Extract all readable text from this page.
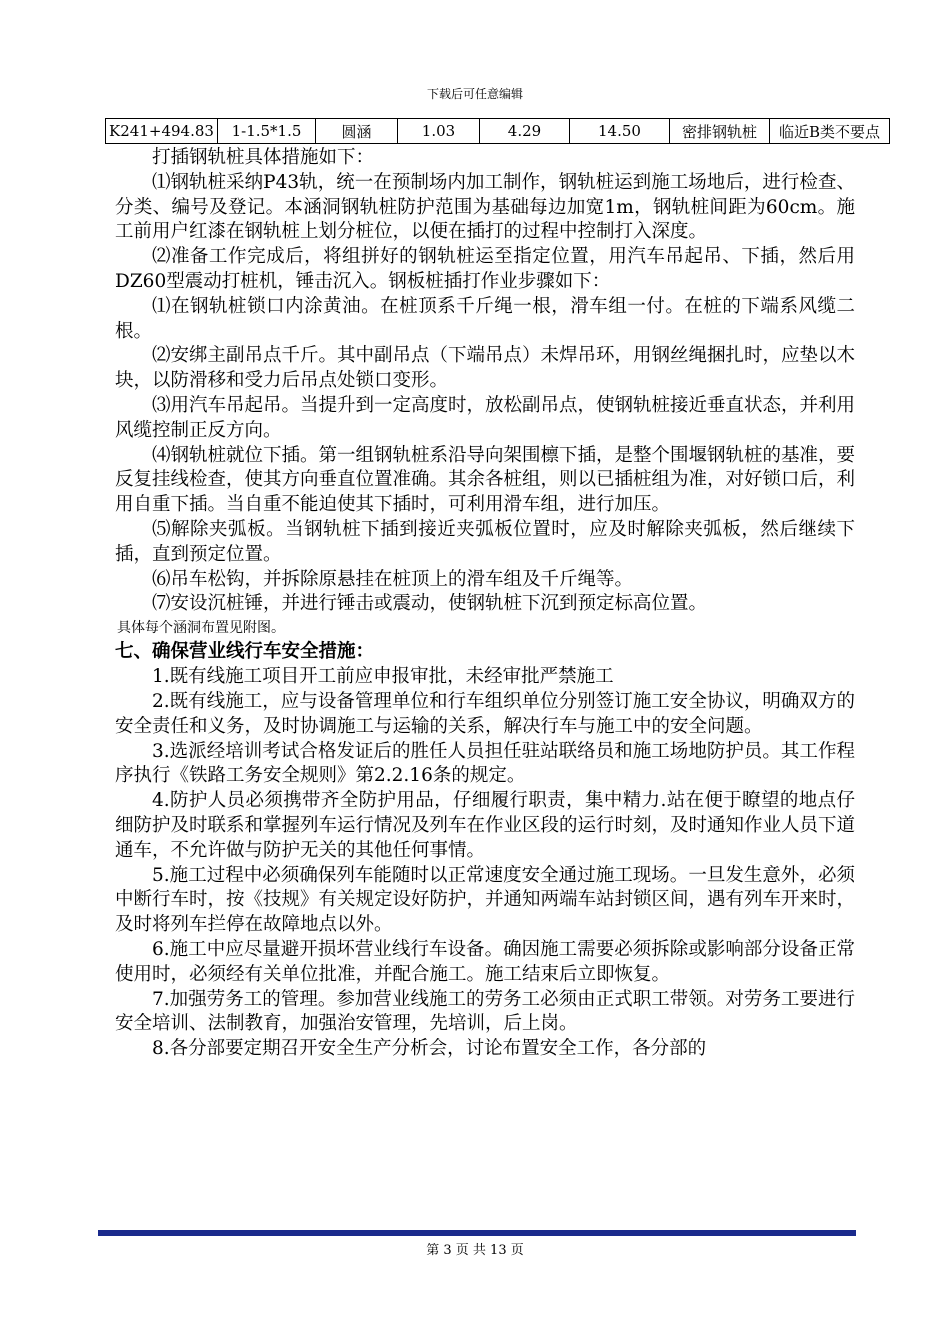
下载后可任意编辑
K241+494.83	1-1.5*1.5	圆涵	1.03	4.29	14.50	密排钢轨桩	临近B类不要点

打插钢轨桩具体措施如下：

⑴钢轨桩采纳P43轨，统一在预制场内加工制作，钢轨桩运到施工场地后，进行检查、分类、编号及登记。本涵洞钢轨桩防护范围为基础每边加宽1m，钢轨桩间距为60cm。施工前用户红漆在钢轨桩上划分桩位，以便在插打的过程中控制打入深度。

⑵准备工作完成后，将组拼好的钢轨桩运至指定位置，用汽车吊起吊、下插，然后用DZ60型震动打桩机，锤击沉入。钢板桩插打作业步骤如下：

⑴在钢轨桩锁口内涂黄油。在桩顶系千斤绳一根，滑车组一付。在桩的下端系风缆二根。

⑵安绑主副吊点千斤。其中副吊点（下端吊点）未焊吊环，用钢丝绳捆扎时，应垫以木块，以防滑移和受力后吊点处锁口变形。

⑶用汽车吊起吊。当提升到一定高度时，放松副吊点，使钢轨桩接近垂直状态，并利用风缆控制正反方向。

⑷钢轨桩就位下插。第一组钢轨桩系沿导向架围檩下插，是整个围堰钢轨桩的基准，要反复挂线检查，使其方向垂直位置准确。其余各桩组，则以已插桩组为准，对好锁口后，利用自重下插。当自重不能迫使其下插时，可利用滑车组，进行加压。

⑸解除夹弧板。当钢轨桩下插到接近夹弧板位置时，应及时解除夹弧板，然后继续下插，直到预定位置。

⑹吊车松钩，并拆除原悬挂在桩顶上的滑车组及千斤绳等。

⑺安设沉桩锤，并进行锤击或震动，使钢轨桩下沉到预定标高位置。

具体每个涵洞布置见附图。

七、确保营业线行车安全措施：

1.既有线施工项目开工前应申报审批，未经审批严禁施工

2.既有线施工，应与设备管理单位和行车组织单位分别签订施工安全协议，明确双方的安全责任和义务，及时协调施工与运输的关系，解决行车与施工中的安全问题。

3.选派经培训考试合格发证后的胜任人员担任驻站联络员和施工场地防护员。其工作程序执行《铁路工务安全规则》第2.2.16条的规定。

4.防护人员必须携带齐全防护用品，仔细履行职责，集中精力.站在便于瞭望的地点仔细防护及时联系和掌握列车运行情况及列车在作业区段的运行时刻，及时通知作业人员下道通车，不允许做与防护无关的其他任何事情。

5.施工过程中必须确保列车能随时以正常速度安全通过施工现场。一旦发生意外，必须中断行车时，按《技规》有关规定设好防护，并通知两端车站封锁区间，遇有列车开来时，及时将列车拦停在故障地点以外。

6.施工中应尽量避开损坏营业线行车设备。确因施工需要必须拆除或影响部分设备正常使用时，必须经有关单位批准，并配合施工。施工结束后立即恢复。

7.加强劳务工的管理。参加营业线施工的劳务工必须由正式职工带领。对劳务工要进行安全培训、法制教育，加强治安管理，先培训，后上岗。

8.各分部要定期召开安全生产分析会，讨论布置安全工作，各分部的

第 3 页 共 13 页
